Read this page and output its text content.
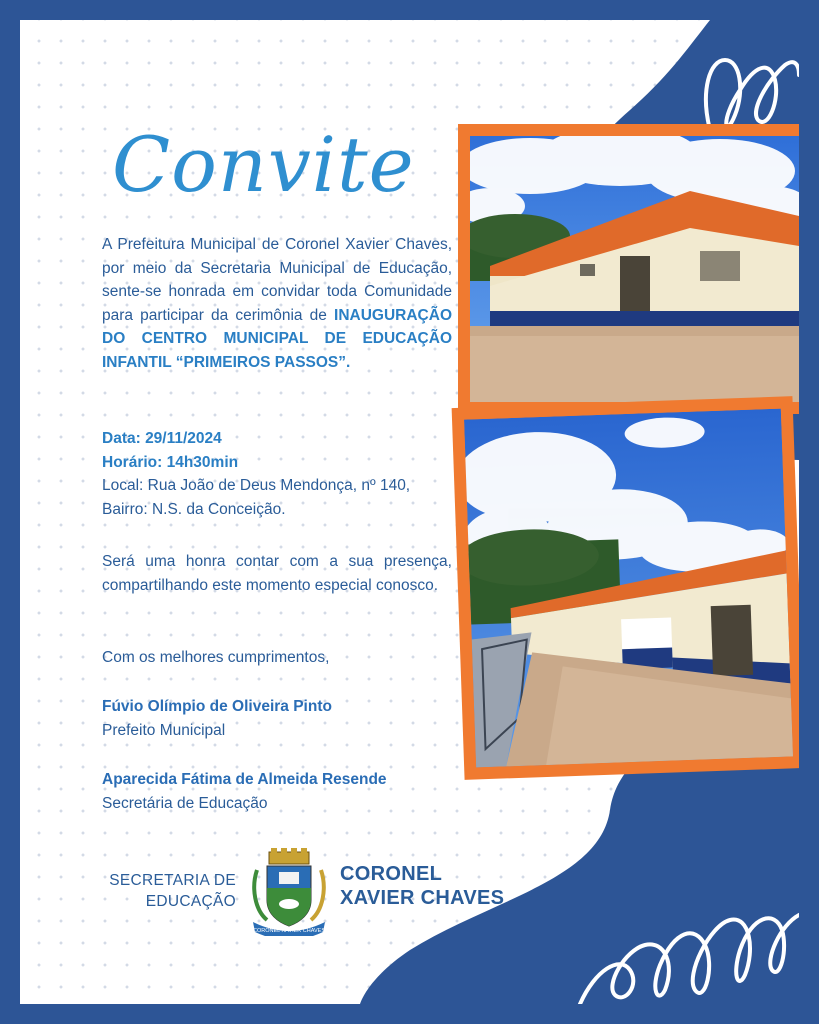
Convite

A Prefeitura Municipal de Coronel Xavier Chaves, por meio da Secretaria Municipal de Educação, sente-se honrada em convidar toda Comunidade para participar da cerimônia de INAUGURAÇÃO DO CENTRO MUNICIPAL DE EDUCAÇÃO INFANTIL “PRIMEIROS PASSOS”.

Data: 29/11/2024
Horário: 14h30min
Local: Rua João de Deus Mendonça, nº 140, Bairro: N.S. da Conceição.

Será uma honra contar com a sua presença, compartilhando este momento especial conosco.

Com os melhores cumprimentos,

Fúvio Olímpio de Oliveira Pinto
Prefeito Municipal

Aparecida Fátima de Almeida Resende
Secretária de Educação

SECRETARIA DE
EDUCAÇÃO
CORONEL XAVIER CHAVES
CORONEL
XAVIER CHAVES
